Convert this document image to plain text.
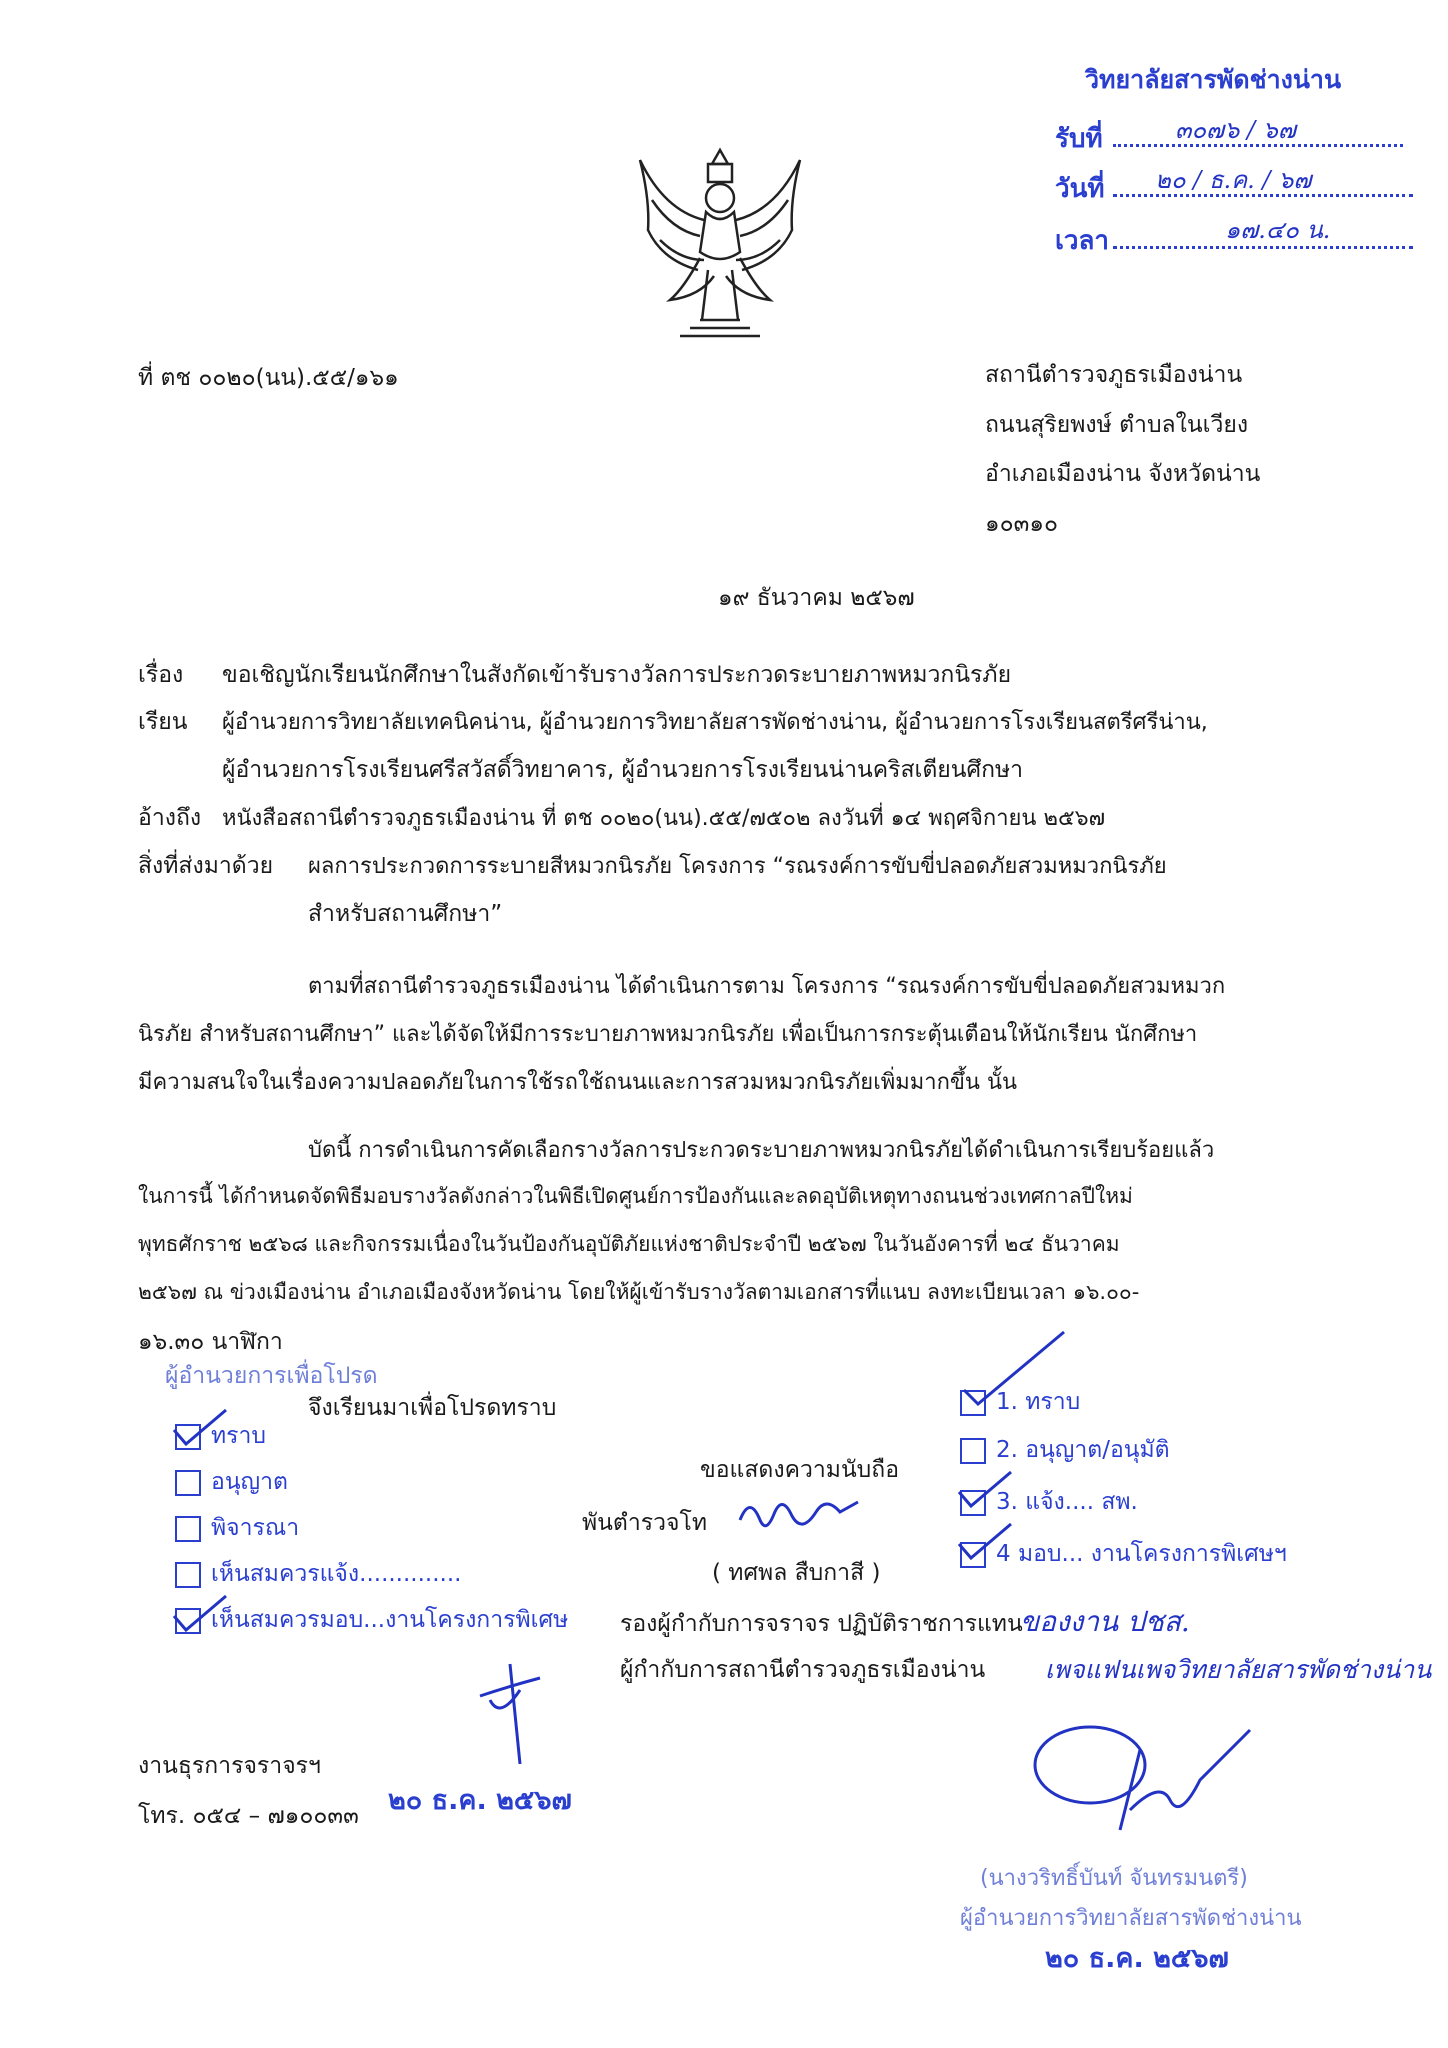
วิทยาลัยสารพัดช่างน่าน
รับที่	๓๐๗๖ / ๖๗
วันที่ ๒๐ / ธ.ค. / ๖๗
เวลา	๑๗.๔๐ น.
ที่ ตช ๐๐๒๐(นน).๕๕/๑๖๑	สถานีตำรวจภูธรเมืองน่าน
ถนนสุริยพงษ์ ตำบลในเวียง
อำเภอเมืองน่าน จังหวัดน่าน
๑๐๓๑๐
๑๙ ธันวาคม ๒๕๖๗
เรื่อง ขอเชิญนักเรียนนักศึกษาในสังกัดเข้ารับรางวัลการประกวดระบายภาพหมวกนิรภัย
เรียน ผู้อำนวยการวิทยาลัยเทคนิคน่าน, ผู้อำนวยการวิทยาลัยสารพัดช่างน่าน, ผู้อำนวยการโรงเรียนสตรีศรีน่าน,
ผู้อำนวยการโรงเรียนศรีสวัสดิ์วิทยาคาร, ผู้อำนวยการโรงเรียนน่านคริสเตียนศึกษา
อ้างถึง หนังสือสถานีตำรวจภูธรเมืองน่าน ที่ ตช ๐๐๒๐(นน).๕๕/๗๕๐๒ ลงวันที่ ๑๔ พฤศจิกายน ๒๕๖๗
สิ่งที่ส่งมาด้วย ผลการประกวดการระบายสีหมวกนิรภัย โครงการ “รณรงค์การขับขี่ปลอดภัยสวมหมวกนิรภัย
สำหรับสถานศึกษา”
ตามที่สถานีตำรวจภูธรเมืองน่าน ได้ดำเนินการตาม โครงการ “รณรงค์การขับขี่ปลอดภัยสวมหมวก
นิรภัย สำหรับสถานศึกษา” และได้จัดให้มีการระบายภาพหมวกนิรภัย เพื่อเป็นการกระตุ้นเตือนให้นักเรียน นักศึกษา
มีความสนใจในเรื่องความปลอดภัยในการใช้รถใช้ถนนและการสวมหมวกนิรภัยเพิ่มมากขึ้น นั้น
บัดนี้ การดำเนินการคัดเลือกรางวัลการประกวดระบายภาพหมวกนิรภัยได้ดำเนินการเรียบร้อยแล้ว
ในการนี้ ได้กำหนดจัดพิธีมอบรางวัลดังกล่าวในพิธีเปิดศูนย์การป้องกันและลดอุบัติเหตุทางถนนช่วงเทศกาลปีใหม่
พุทธศักราช ๒๕๖๘ และกิจกรรมเนื่องในวันป้องกันอุบัติภัยแห่งชาติประจำปี ๒๕๖๗ ในวันอังคารที่ ๒๔ ธันวาคม
๒๕๖๗ ณ ข่วงเมืองน่าน อำเภอเมืองจังหวัดน่าน โดยให้ผู้เข้ารับรางวัลตามเอกสารที่แนบ ลงทะเบียนเวลา ๑๖.๐๐-
๑๖.๓๐ นาฬิกา
จึงเรียนมาเพื่อโปรดทราบ
ขอแสดงความนับถือ
พันตำรวจโท
( ทศพล สืบกาสี )
รองผู้กำกับการจราจร ปฏิบัติราชการแทน
ผู้กำกับการสถานีตำรวจภูธรเมืองน่าน
ผู้อำนวยการเพื่อโปรด
ทราบ
อนุญาต
พิจารณา
เห็นสมควรแจ้ง..............
เห็นสมควรมอบ...งานโครงการพิเศษ
งานธุรการจราจรฯ
โทร. ๐๕๔ – ๗๑๐๐๓๓ ๒๐ ธ.ค. ๒๕๖๗
1. ทราบ
2. อนุญาต/อนุมัติ
3. แจ้ง.... สพ.
4 มอบ... งานโครงการพิเศษฯ
ของงาน ปชส.
เพจแฟนเพจวิทยาลัยสารพัดช่างน่าน
(นางวริทธิ์บันท์ จันทรมนตรี)
ผู้อำนวยการวิทยาลัยสารพัดช่างน่าน
๒๐ ธ.ค. ๒๕๖๗
